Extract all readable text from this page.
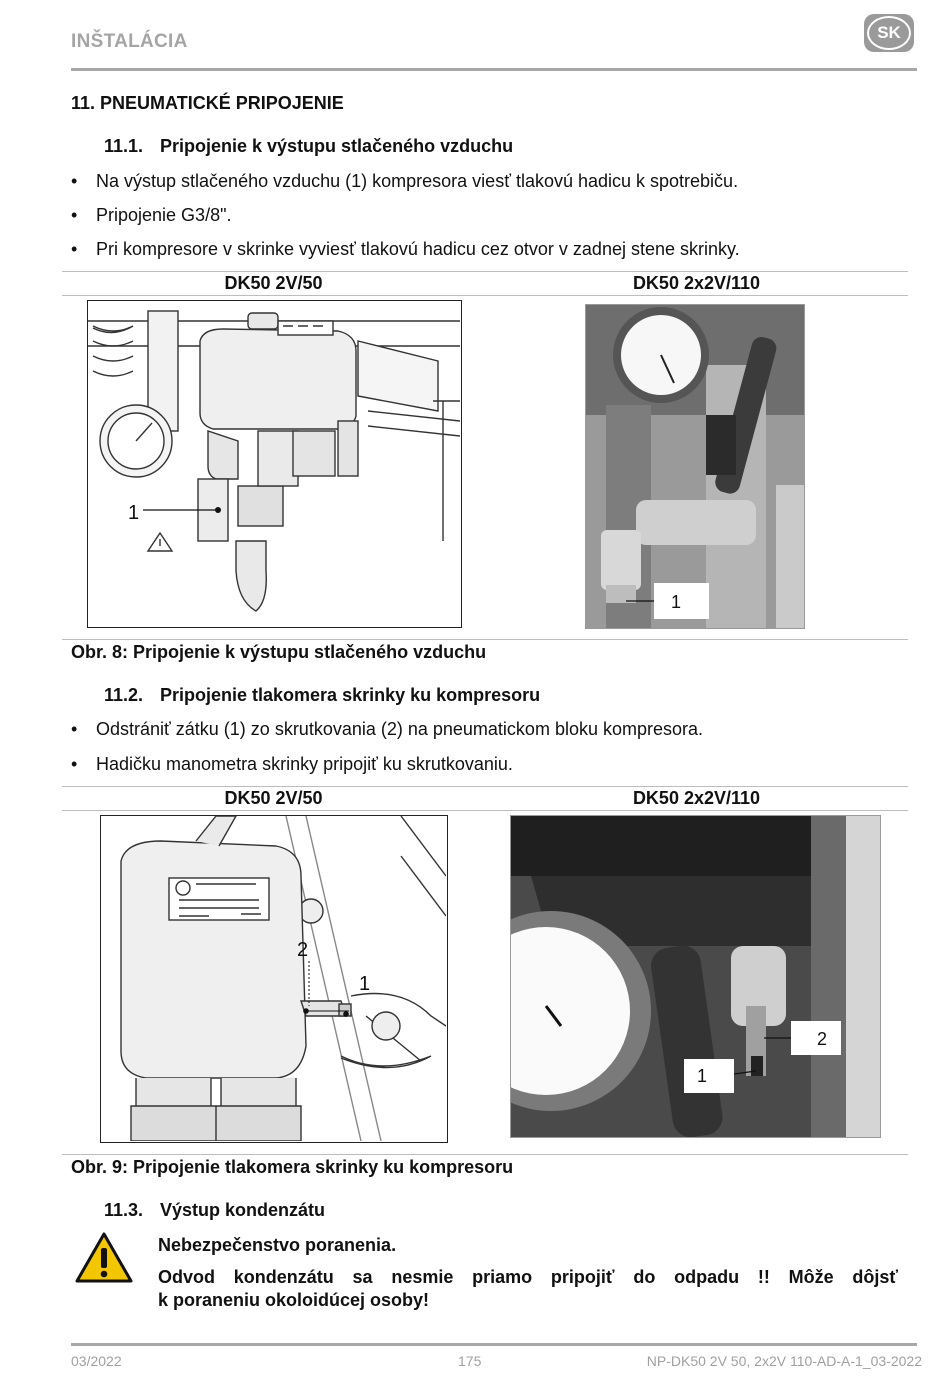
INŠTALÁCIA	SK
11. PNEUMATICKÉ PRIPOJENIE
11.1. Pripojenie k výstupu stlačeného vzduchu
•	Na výstup stlačeného vzduchu (1) kompresora viesť tlakovú hadicu k spotrebiču.
•	Pripojenie G3/8".
•	Pri kompresore v skrinke vyviesť tlakovú hadicu cez otvor v zadnej stene skrinky.
DK50 2V/50	DK50 2x2V/110
1
1
Obr. 8: Pripojenie k výstupu stlačeného vzduchu
11.2. Pripojenie tlakomera skrinky ku kompresoru
•	Odstrániť zátku (1) zo skrutkovania (2) na pneumatickom bloku kompresora.
•	Hadičku manometra skrinky pripojiť ku skrutkovaniu.
DK50 2V/50	DK50 2x2V/110
2
1
2
1
Obr. 9: Pripojenie tlakomera skrinky ku kompresoru
11.3. Výstup kondenzátu
Nebezpečenstvo poranenia.
Odvod kondenzátu sa nesmie priamo pripojiť do odpadu !! Môže dôjsť
k poraneniu okoloidúcej osoby!
03/2022	175	NP-DK50 2V 50, 2x2V 110-AD-A-1_03-2022
